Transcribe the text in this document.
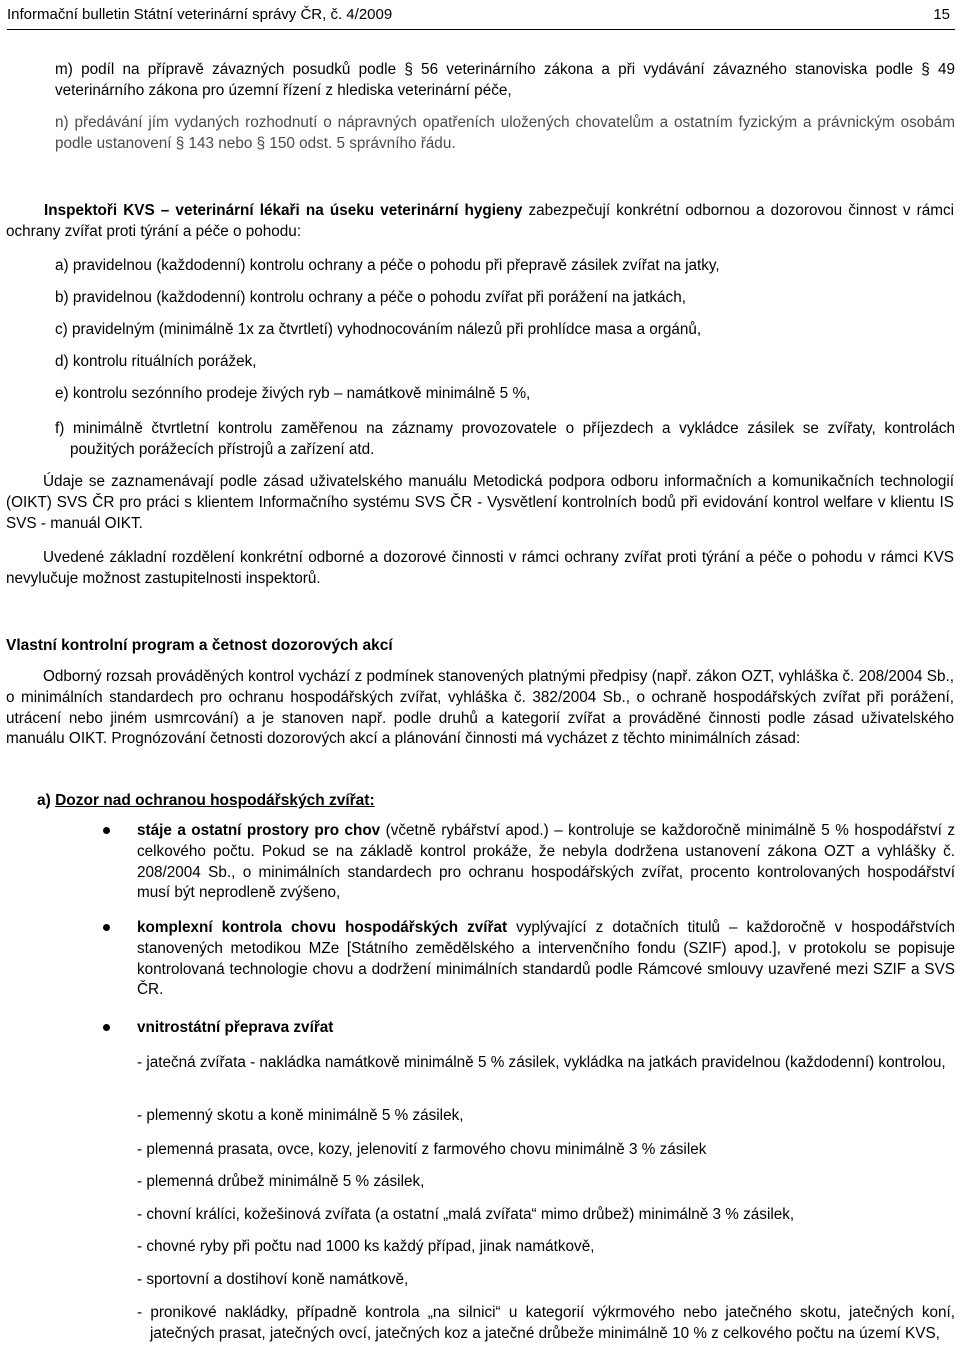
Informační bulletin Státní veterinární správy ČR, č. 4/2009	15

m) podíl na přípravě závazných posudků podle § 56 veterinárního zákona a při vydávání závazného stanoviska podle § 49 veterinárního zákona pro územní řízení z hlediska veterinární péče,

n) předávání jím vydaných rozhodnutí o nápravných opatřeních uložených chovatelům a ostatním fyzickým a právnickým osobám podle ustanovení § 143 nebo § 150 odst. 5 správního řádu.

Inspektoři KVS – veterinární lékaři na úseku veterinární hygieny zabezpečují konkrétní odbornou a dozorovou činnost v rámci ochrany zvířat proti týrání a péče o pohodu:

a) pravidelnou (každodenní) kontrolu ochrany a péče o pohodu při přepravě zásilek zvířat na jatky,

b) pravidelnou (každodenní) kontrolu ochrany a péče o pohodu zvířat při porážení na jatkách,

c) pravidelným (minimálně 1x za čtvrtletí) vyhodnocováním nálezů při prohlídce masa a orgánů,

d) kontrolu rituálních porážek,

e) kontrolu sezónního prodeje živých ryb – namátkově minimálně 5 %,

f) minimálně čtvrtletní kontrolu zaměřenou na záznamy provozovatele o příjezdech a vykládce zásilek se zvířaty, kontrolách použitých porážecích přístrojů a zařízení atd.

Údaje se zaznamenávají podle zásad uživatelského manuálu Metodická podpora odboru informačních a komunikačních technologií (OIKT) SVS ČR pro práci s klientem Informačního systému SVS ČR - Vysvětlení kontrolních bodů při evidování kontrol welfare v klientu IS SVS - manuál OIKT.

Uvedené základní rozdělení konkrétní odborné a dozorové činnosti v rámci ochrany zvířat proti týrání a péče o pohodu v rámci KVS nevylučuje možnost zastupitelnosti inspektorů.

Vlastní kontrolní program a četnost dozorových akcí

Odborný rozsah prováděných kontrol vychází z podmínek stanovených platnými předpisy (např. zákon OZT, vyhláška č. 208/2004 Sb., o minimálních standardech pro ochranu hospodářských zvířat, vyhláška č. 382/2004 Sb., o ochraně hospodářských zvířat při porážení, utrácení nebo jiném usmrcování) a je stanoven např. podle druhů a kategorií zvířat a prováděné činnosti podle zásad uživatelského manuálu OIKT. Prognózování četnosti dozorových akcí a plánování činnosti má vycházet z těchto minimálních zásad:

a) Dozor nad ochranou hospodářských zvířat:

stáje a ostatní prostory pro chov (včetně rybářství apod.) – kontroluje se každoročně minimálně 5 % hospodářství z celkového počtu. Pokud se na základě kontrol prokáže, že nebyla dodržena ustanovení zákona OZT a vyhlášky č. 208/2004 Sb., o minimálních standardech pro ochranu hospodářských zvířat, procento kontrolovaných hospodářství musí být neprodleně zvýšeno,

komplexní kontrola chovu hospodářských zvířat vyplývající z dotačních titulů – každoročně v hospodářstvích stanovených metodikou MZe [Státního zemědělského a intervenčního fondu (SZIF) apod.], v protokolu se popisuje kontrolovaná technologie chovu a dodržení minimálních standardů podle Rámcové smlouvy uzavřené mezi SZIF a SVS ČR.

vnitrostátní přeprava zvířat

- jatečná zvířata - nakládka namátkově minimálně 5 % zásilek, vykládka na jatkách pravidelnou (každodenní) kontrolou,

- plemenný skotu a koně minimálně 5 % zásilek,

- plemenná prasata, ovce, kozy, jelenovití z farmového chovu minimálně 3 % zásilek

- plemenná drůbež minimálně 5 % zásilek,

- chovní králíci, kožešinová zvířata (a ostatní „malá zvířata“ mimo drůbež) minimálně 3 % zásilek,

- chovné ryby při počtu nad 1000 ks každý případ, jinak namátkově,

- sportovní a dostihoví koně namátkově,

- pronikové nakládky, případně kontrola „na silnici“ u kategorií výkrmového nebo jatečného skotu, jatečných koní, jatečných prasat, jatečných ovcí, jatečných koz a jatečné drůbeže minimálně 10 % z celkového počtu na území KVS,
